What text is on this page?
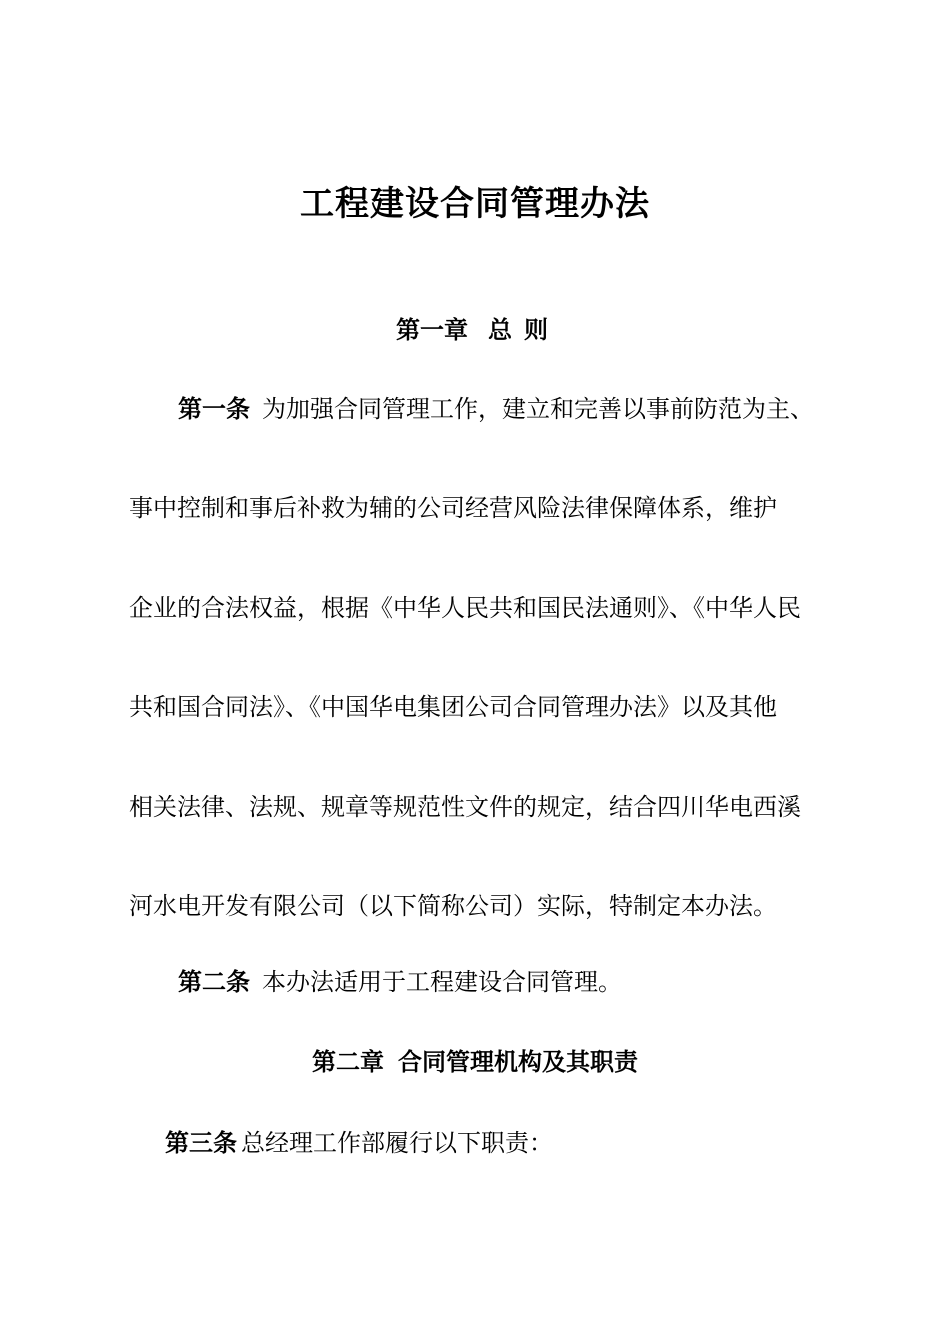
工程建设合同管理办法
第一章 总 则

第一条 为加强合同管理工作，建立和完善以事前防范为主、

事中控制和事后补救为辅的公司经营风险法律保障体系，维护

企业的合法权益，根据《中华人民共和国民法通则》、《中华人民

共和国合同法》、《中国华电集团公司合同管理办法》以及其他

相关法律、法规、规章等规范性文件的规定，结合四川华电西溪

河水电开发有限公司（以下简称公司）实际，特制定本办法。

第二条 本办法适用于工程建设合同管理。

第二章 合同管理机构及其职责

第三条 总经理工作部履行以下职责：
